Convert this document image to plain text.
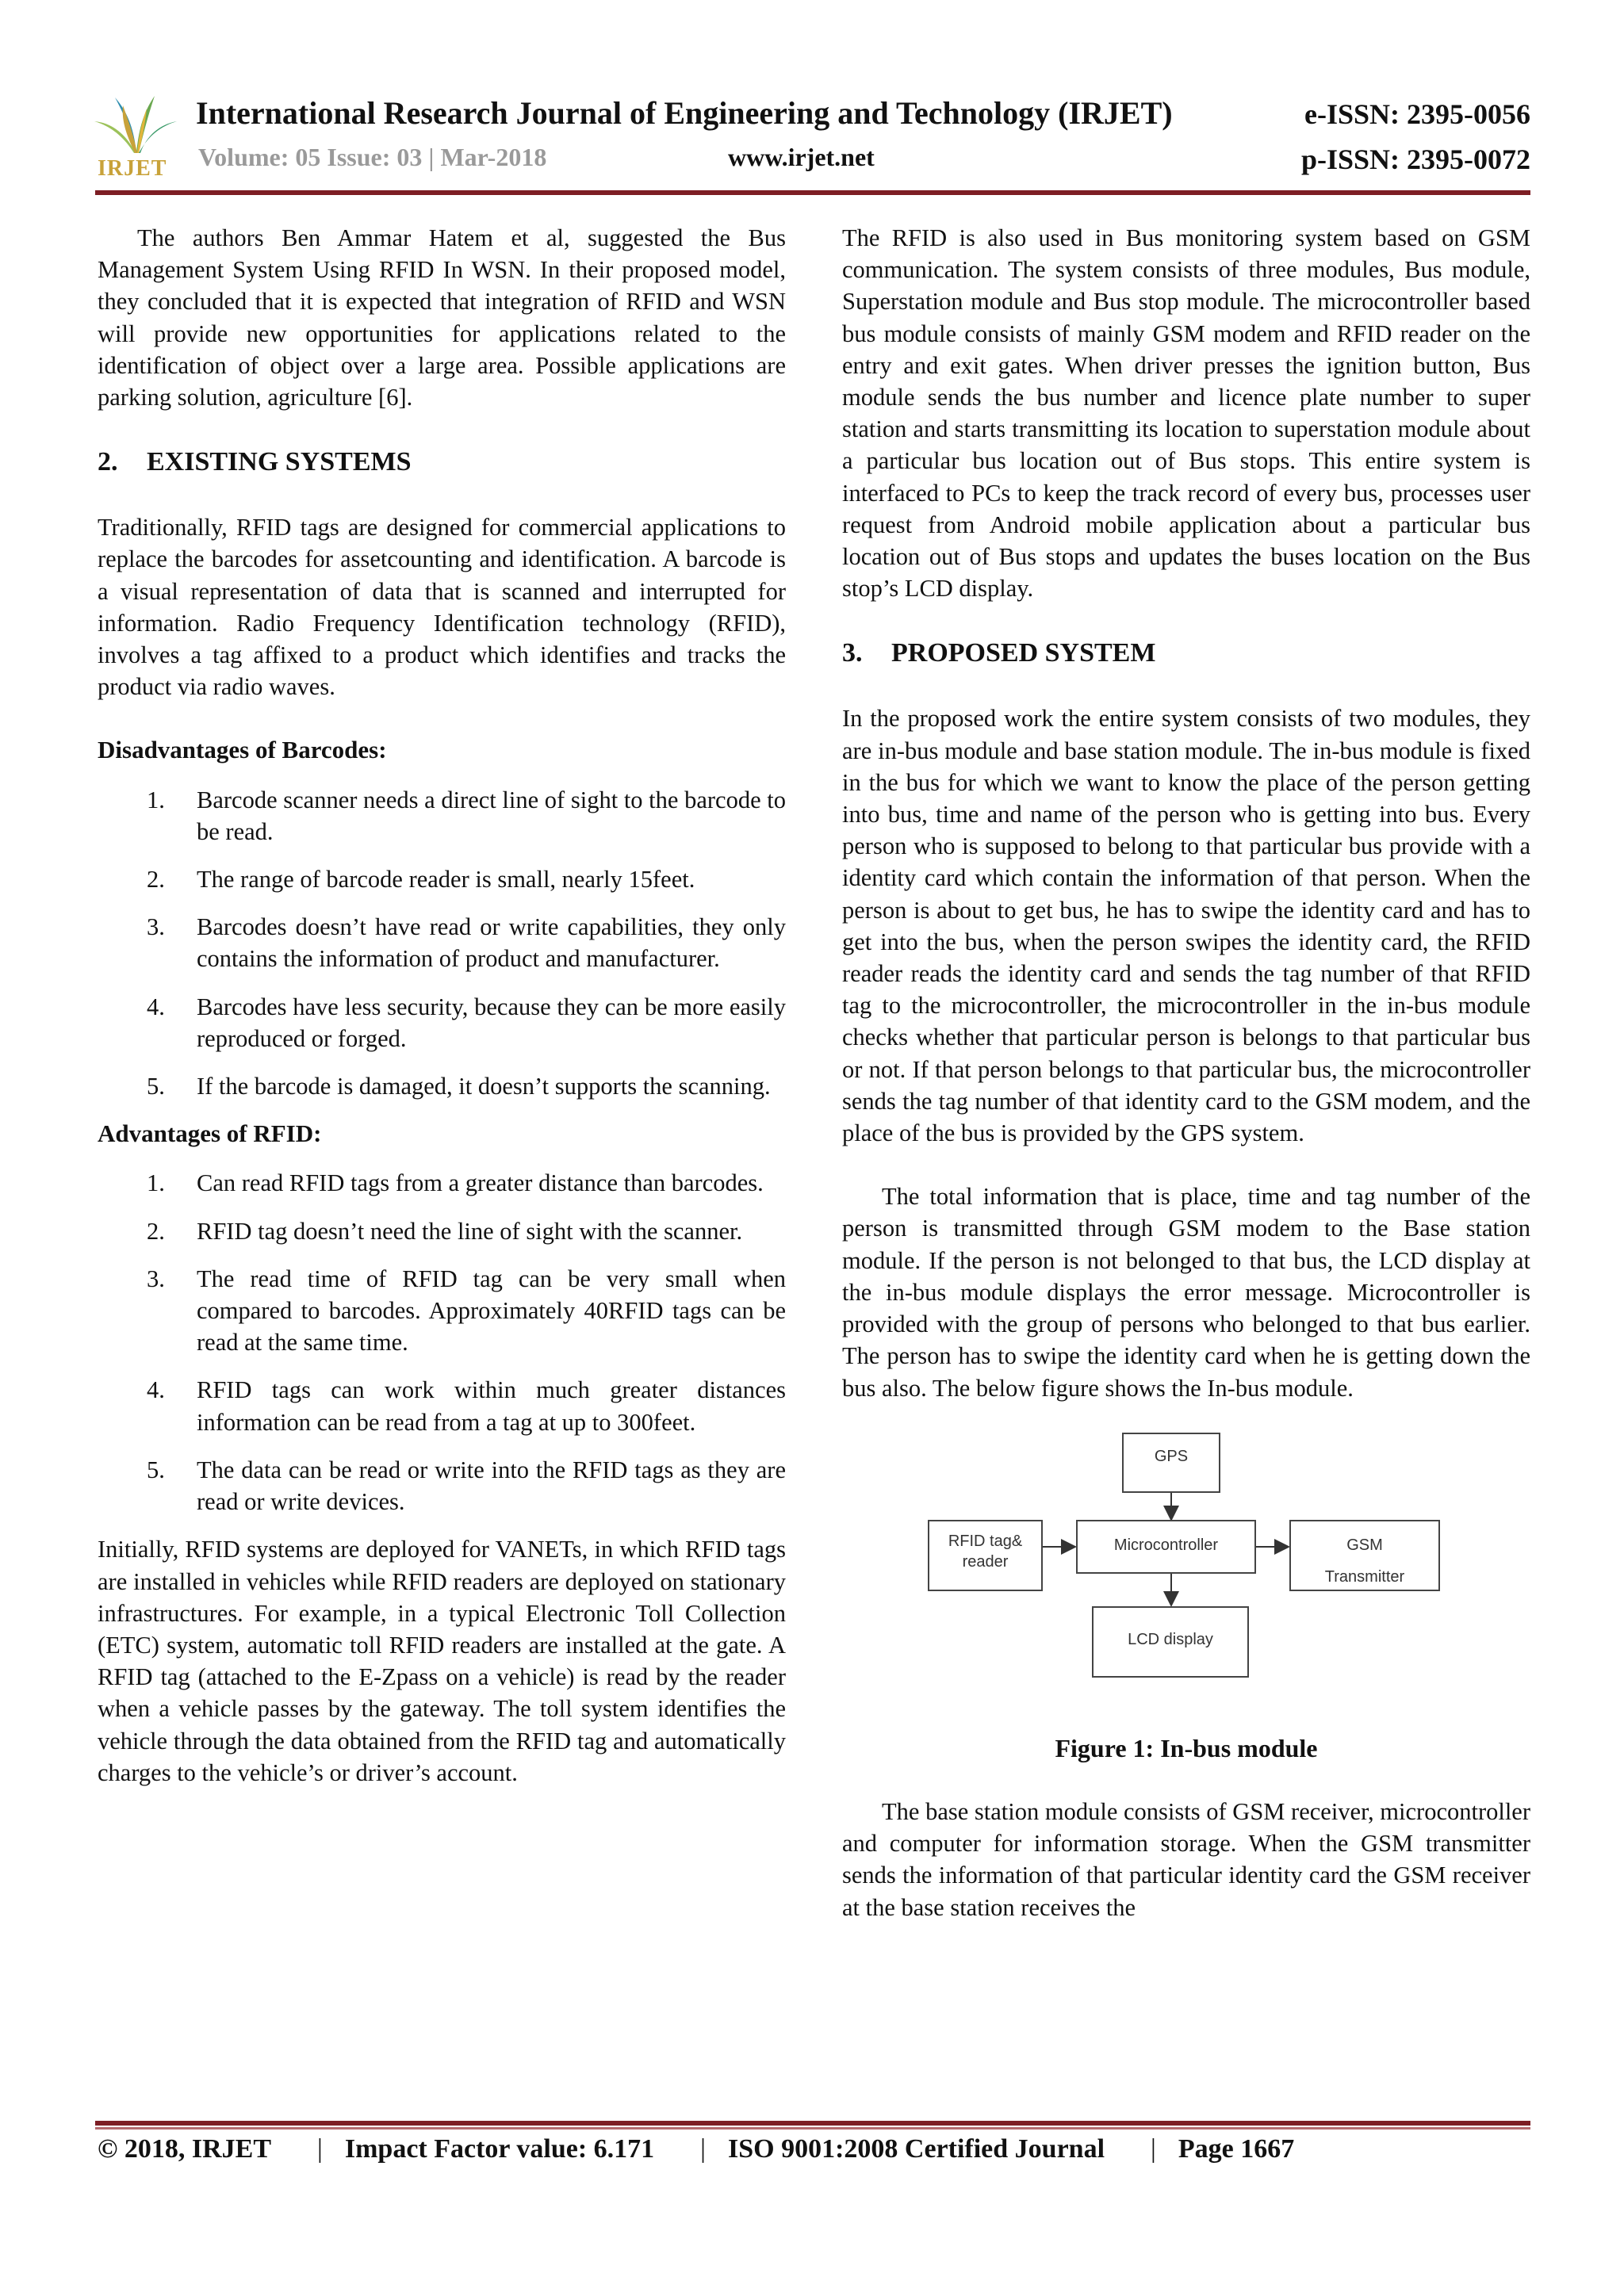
IRJET
International Research Journal of Engineering and Technology (IRJET)	e-ISSN: 2395-0056
Volume: 05 Issue: 03 | Mar-2018	www.irjet.net	p-ISSN: 2395-0072

The authors Ben Ammar Hatem et al, suggested the Bus Management System Using RFID In WSN. In their proposed model, they concluded that it is expected that integration of RFID and WSN will provide new opportunities for applications related to the identification of object over a large area. Possible applications are parking solution, agriculture [6].

2. EXISTING SYSTEMS

Traditionally, RFID tags are designed for commercial applications to replace the barcodes for assetcounting and identification. A barcode is a visual representation of data that is scanned and interrupted for information. Radio Frequency Identification technology (RFID), involves a tag affixed to a product which identifies and tracks the product via radio waves.

Disadvantages of Barcodes:
1. Barcode scanner needs a direct line of sight to the barcode to be read.
2. The range of barcode reader is small, nearly 15feet.
3. Barcodes doesn’t have read or write capabilities, they only contains the information of product and manufacturer.
4. Barcodes have less security, because they can be more easily reproduced or forged.
5. If the barcode is damaged, it doesn’t supports the scanning.
Advantages of RFID:
1. Can read RFID tags from a greater distance than barcodes.
2. RFID tag doesn’t need the line of sight with the scanner.
3. The read time of RFID tag can be very small when compared to barcodes. Approximately 40RFID tags can be read at the same time.
4. RFID tags can work within much greater distances information can be read from a tag at up to 300feet.
5. The data can be read or write into the RFID tags as they are read or write devices.

Initially, RFID systems are deployed for VANETs, in which RFID tags are installed in vehicles while RFID readers are deployed on stationary infrastructures. For example, in a typical Electronic Toll Collection (ETC) system, automatic toll RFID readers are installed at the gate. A RFID tag (attached to the E-Zpass on a vehicle) is read by the reader when a vehicle passes by the gateway. The toll system identifies the vehicle through the data obtained from the RFID tag and automatically charges to the vehicle’s or driver’s account.

The RFID is also used in Bus monitoring system based on GSM communication. The system consists of three modules, Bus module, Superstation module and Bus stop module. The microcontroller based bus module consists of mainly GSM modem and RFID reader on the entry and exit gates. When driver presses the ignition button, Bus module sends the bus number and licence plate number to super station and starts transmitting its location to superstation module about a particular bus location out of Bus stops. This entire system is interfaced to PCs to keep the track record of every bus, processes user request from Android mobile application about a particular bus location out of Bus stops and updates the buses location on the Bus stop’s LCD display.

3. PROPOSED SYSTEM

In the proposed work the entire system consists of two modules, they are in-bus module and base station module. The in-bus module is fixed in the bus for which we want to know the place of the person getting into bus, time and name of the person who is getting into bus. Every person who is supposed to belong to that particular bus provide with a identity card which contain the information of that person. When the person is about to get bus, he has to swipe the identity card and has to get into the bus, when the person swipes the identity card, the RFID reader reads the identity card and sends the tag number of that RFID tag to the microcontroller, the microcontroller in the in-bus module checks whether that particular person is belongs to that particular bus or not. If that person belongs to that particular bus, the microcontroller sends the tag number of that identity card to the GSM modem, and the place of the bus is provided by the GPS system.

The total information that is place, time and tag number of the person is transmitted through GSM modem to the Base station module. If the person is not belonged to that bus, the LCD display at the in-bus module displays the error message. Microcontroller is provided with the group of persons who belonged to that bus earlier. The person has to swipe the identity card when he is getting down the bus also. The below figure shows the In-bus module.

GPS
RFID tag&
reader
Microcontroller	GSM
Transmitter
LCD display
Figure 1: In-bus module

The base station module consists of GSM receiver, microcontroller and computer for information storage. When the GSM transmitter sends the information of that particular identity card the GSM receiver at the base station receives the

© 2018, IRJET | Impact Factor value: 6.171 | ISO 9001:2008 Certified Journal | Page 1667
